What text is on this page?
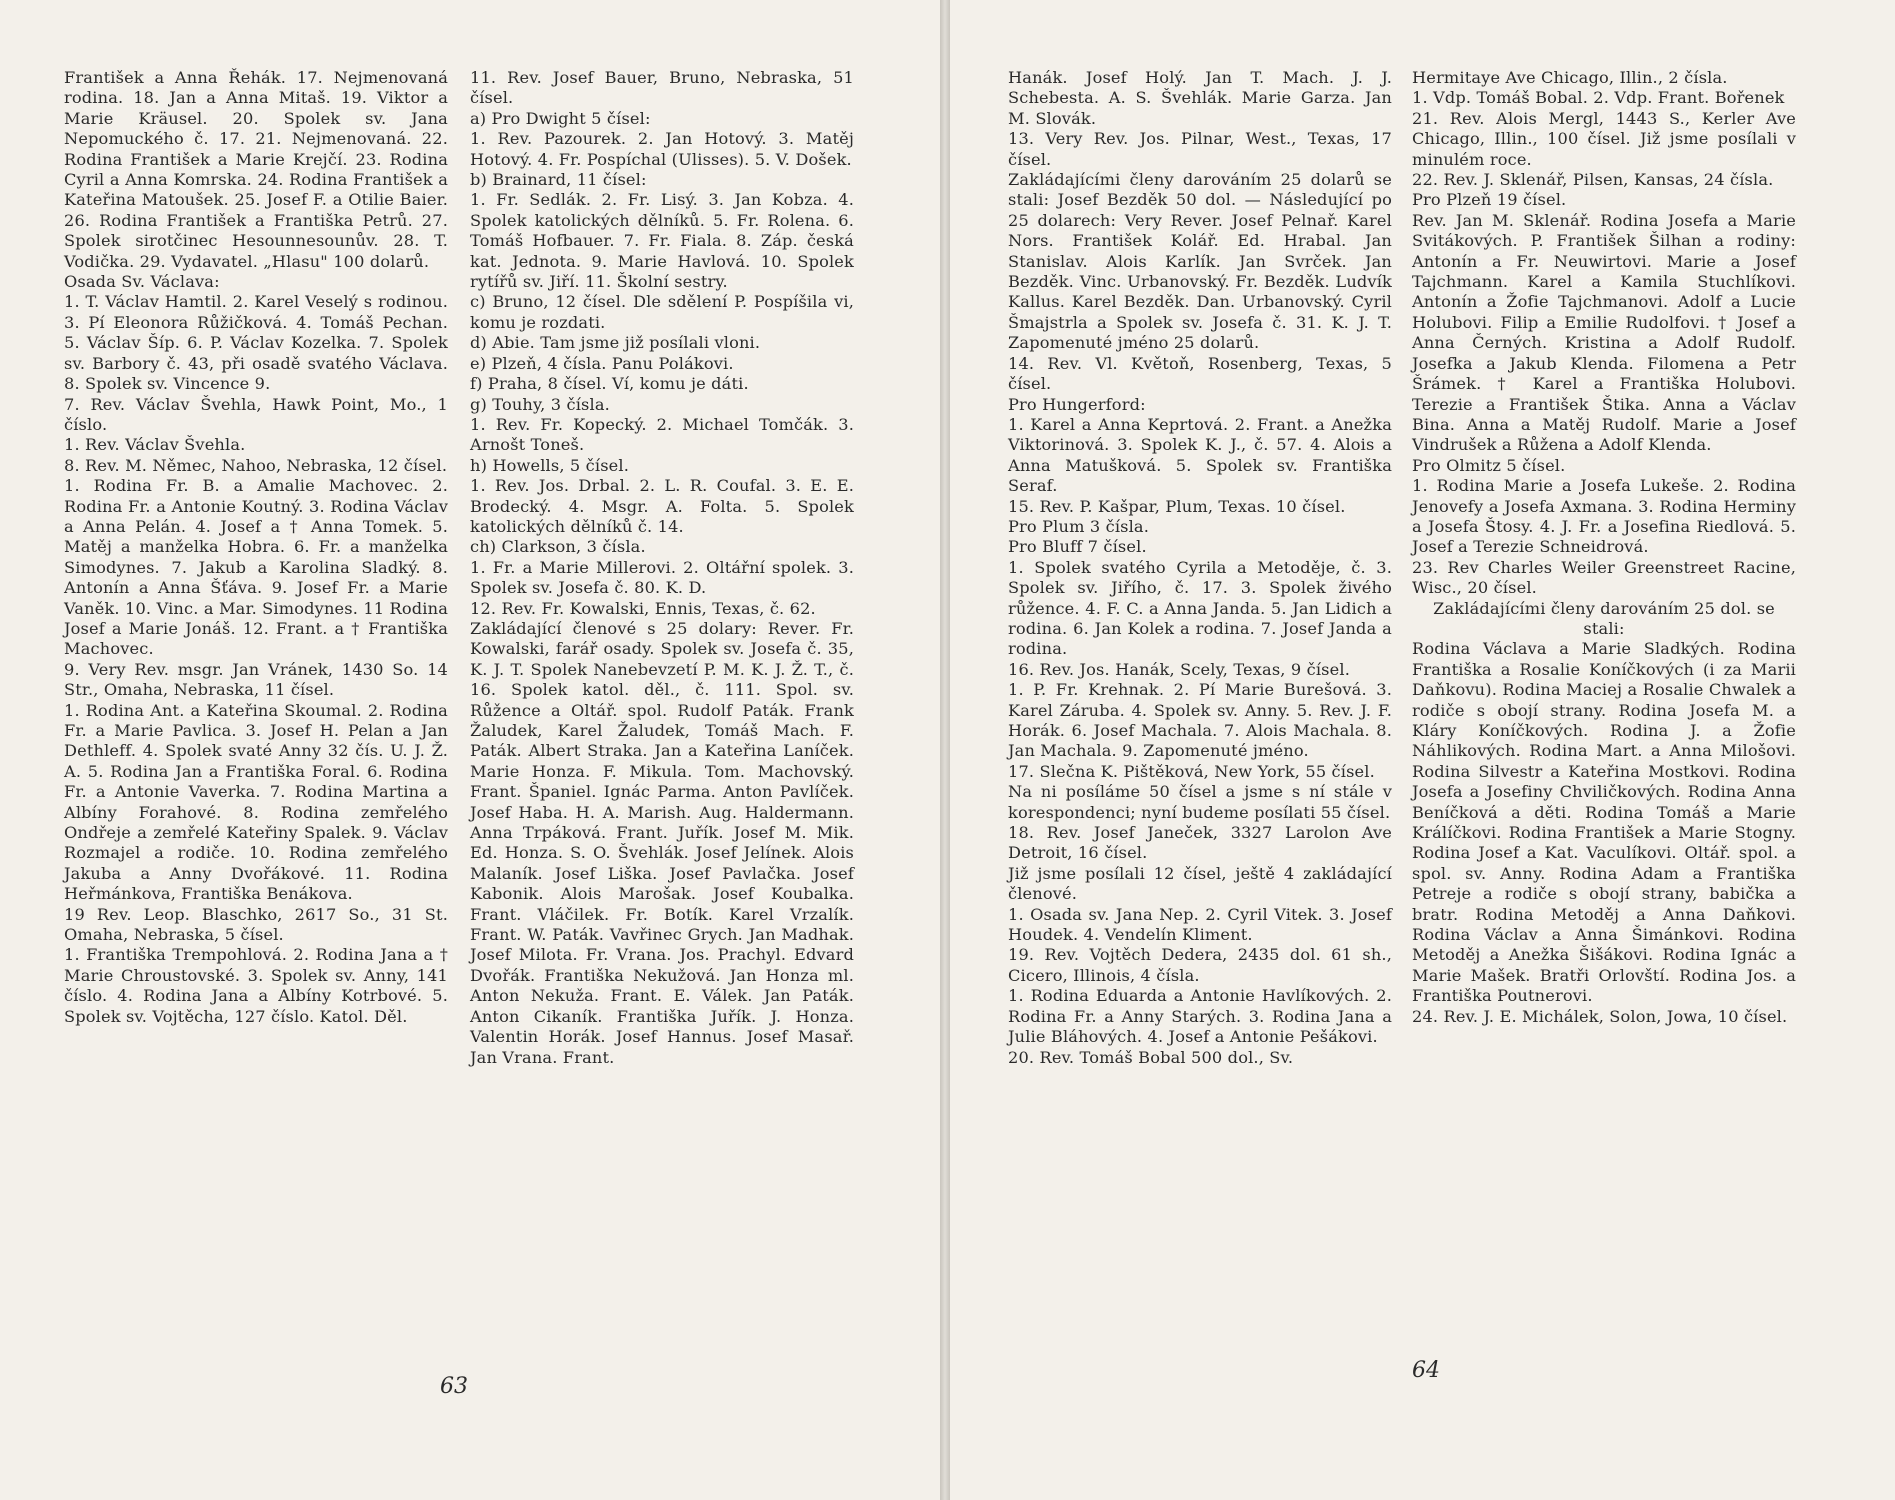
František a Anna Řehák. 17. Nejmenovaná rodina. 18. Jan a Anna Mitaš. 19. Viktor a Marie Kräusel. 20. Spolek sv. Jana Nepomuckého č. 17. 21. Nejmenovaná. 22. Rodina František a Marie Krejčí. 23. Rodina Cyril a Anna Komrska. 24. Rodina František a Kateřina Matoušek. 25. Josef F. a Otilie Baier. 26. Rodina František a Františka Petrů. 27. Spolek sirotčinec Hesounnesounův. 28. T. Vodička. 29. Vydavatel. „Hlasu" 100 dolarů.

Osada Sv. Václava:

1. T. Václav Hamtil. 2. Karel Veselý s rodinou. 3. Pí Eleonora Růžičková. 4. Tomáš Pechan. 5. Václav Šíp. 6. P. Václav Kozelka. 7. Spolek sv. Barbory č. 43, při osadě svatého Václava. 8. Spolek sv. Vincence 9.

7. Rev. Václav Švehla, Hawk Point, Mo., 1 číslo.

1. Rev. Václav Švehla.

8. Rev. M. Němec, Nahoo, Nebraska, 12 čísel.

1. Rodina Fr. B. a Amalie Machovec. 2. Rodina Fr. a Antonie Koutný. 3. Rodina Václav a Anna Pelán. 4. Josef a † Anna Tomek. 5. Matěj a manželka Hobra. 6. Fr. a manželka Simodynes. 7. Jakub a Karolina Sladký. 8. Antonín a Anna Šťáva. 9. Josef Fr. a Marie Vaněk. 10. Vinc. a Mar. Simodynes. 11 Rodina Josef a Marie Jonáš. 12. Frant. a † Františka Machovec.

9. Very Rev. msgr. Jan Vránek, 1430 So. 14 Str., Omaha, Nebraska, 11 čísel.

1. Rodina Ant. a Kateřina Skoumal. 2. Rodina Fr. a Marie Pavlica. 3. Josef H. Pelan a Jan Dethleff. 4. Spolek svaté Anny 32 čís. U. J. Ž. A. 5. Rodina Jan a Františka Foral. 6. Rodina Fr. a Antonie Vaverka. 7. Rodina Martina a Albíny Forahové. 8. Rodina zemřelého Ondřeje a zemřelé Kateřiny Spalek. 9. Václav Rozmajel a rodiče. 10. Rodina zemřelého Jakuba a Anny Dvořákové. 11. Rodina Heřmánkova, Františka Benákova.

19 Rev. Leop. Blaschko, 2617 So., 31 St. Omaha, Nebraska, 5 čísel.

1. Františka Trempohlová. 2. Rodina Jana a † Marie Chroustovské. 3. Spolek sv. Anny, 141 číslo. 4. Rodina Jana a Albíny Kotrbové. 5. Spolek sv. Vojtěcha, 127 číslo. Katol. Děl.

11. Rev. Josef Bauer, Bruno, Nebraska, 51 čísel.

a) Pro Dwight 5 čísel:

1. Rev. Pazourek. 2. Jan Hotový. 3. Matěj Hotový. 4. Fr. Pospíchal (Ulisses). 5. V. Došek.

b) Brainard, 11 čísel:

1. Fr. Sedlák. 2. Fr. Lisý. 3. Jan Kobza. 4. Spolek katolických dělníků. 5. Fr. Rolena. 6. Tomáš Hofbauer. 7. Fr. Fiala. 8. Záp. česká kat. Jednota. 9. Marie Havlová. 10. Spolek rytířů sv. Jiří. 11. Školní sestry.

c) Bruno, 12 čísel. Dle sdělení P. Pospíšila vi, komu je rozdati.

d) Abie. Tam jsme již posílali vloni.

e) Plzeň, 4 čísla. Panu Polákovi.

f) Praha, 8 čísel. Ví, komu je dáti.

g) Touhy, 3 čísla.

1. Rev. Fr. Kopecký. 2. Michael Tomčák. 3. Arnošt Toneš.

h) Howells, 5 čísel.

1. Rev. Jos. Drbal. 2. L. R. Coufal. 3. E. E. Brodecký. 4. Msgr. A. Folta. 5. Spolek katolických dělníků č. 14.

ch) Clarkson, 3 čísla.

1. Fr. a Marie Millerovi. 2. Oltářní spolek. 3. Spolek sv. Josefa č. 80. K. D.

12. Rev. Fr. Kowalski, Ennis, Texas, č. 62.

Zakládající členové s 25 dolary: Rever. Fr. Kowalski, farář osady. Spolek sv. Josefa č. 35, K. J. T. Spolek Nanebevzetí P. M. K. J. Ž. T., č. 16. Spolek katol. děl., č. 111. Spol. sv. Růžence a Oltář. spol. Rudolf Paták. Frank Žaludek, Karel Žaludek, Tomáš Mach. F. Paták. Albert Straka. Jan a Kateřina Laníček. Marie Honza. F. Mikula. Tom. Machovský. Frant. Španiel. Ignác Parma. Anton Pavlíček. Josef Haba. H. A. Marish. Aug. Haldermann. Anna Trpáková. Frant. Juřík. Josef M. Mik. Ed. Honza. S. O. Švehlák. Josef Jelínek. Alois Malaník. Josef Liška. Josef Pavlačka. Josef Kabonik. Alois Marošak. Josef Koubalka. Frant. Vláčilek. Fr. Botík. Karel Vrzalík. Frant. W. Paták. Vavřinec Grych. Jan Madhak. Josef Milota. Fr. Vrana. Jos. Prachyl. Edvard Dvořák. Františka Nekužová. Jan Honza ml. Anton Nekuža. Frant. E. Válek. Jan Paták. Anton Cikaník. Františka Juřík. J. Honza. Valentin Horák. Josef Hannus. Josef Masař. Jan Vrana. Frant.

63

Hanák. Josef Holý. Jan T. Mach. J. J. Schebesta. A. S. Švehlák. Marie Garza. Jan M. Slovák.

13. Very Rev. Jos. Pilnar, West., Texas, 17 čísel.

Zakládajícími členy darováním 25 dolarů se stali: Josef Bezděk 50 dol. — Následující po 25 dolarech: Very Rever. Josef Pelnař. Karel Nors. František Kolář. Ed. Hrabal. Jan Stanislav. Alois Karlík. Jan Svrček. Jan Bezděk. Vinc. Urbanovský. Fr. Bezděk. Ludvík Kallus. Karel Bezděk. Dan. Urbanovský. Cyril Šmajstrla a Spolek sv. Josefa č. 31. K. J. T. Zapomenuté jméno 25 dolarů.

14. Rev. Vl. Květoň, Rosenberg, Texas, 5 čísel.

Pro Hungerford:

1. Karel a Anna Keprtová. 2. Frant. a Anežka Viktorinová. 3. Spolek K. J., č. 57. 4. Alois a Anna Matušková. 5. Spolek sv. Františka Seraf.

15. Rev. P. Kašpar, Plum, Texas. 10 čísel.

Pro Plum 3 čísla.

Pro Bluff 7 čísel.

1. Spolek svatého Cyrila a Metoděje, č. 3. Spolek sv. Jiřího, č. 17. 3. Spolek živého růžence. 4. F. C. a Anna Janda. 5. Jan Lidich a rodina. 6. Jan Kolek a rodina. 7. Josef Janda a rodina.

16. Rev. Jos. Hanák, Scely, Texas, 9 čísel.

1. P. Fr. Krehnak. 2. Pí Marie Burešová. 3. Karel Záruba. 4. Spolek sv. Anny. 5. Rev. J. F. Horák. 6. Josef Machala. 7. Alois Machala. 8. Jan Machala. 9. Zapomenuté jméno.

17. Slečna K. Pištěková, New York, 55 čísel.

Na ni posíláme 50 čísel a jsme s ní stále v korespondenci; nyní budeme posílati 55 čísel.

18. Rev. Josef Janeček, 3327 Larolon Ave Detroit, 16 čísel.

Již jsme posílali 12 čísel, ještě 4 zakládající členové.

1. Osada sv. Jana Nep. 2. Cyril Vitek. 3. Josef Houdek. 4. Vendelín Kliment.

19. Rev. Vojtěch Dedera, 2435 dol. 61 sh., Cicero, Illinois, 4 čísla.

1. Rodina Eduarda a Antonie Havlíkových. 2. Rodina Fr. a Anny Starých. 3. Rodina Jana a Julie Bláhových. 4. Josef a Antonie Pešákovi.

20. Rev. Tomáš Bobal 500 dol., Sv.

Hermitaye Ave Chicago, Illin., 2 čísla.

1. Vdp. Tomáš Bobal. 2. Vdp. Frant. Bořenek

21. Rev. Alois Mergl, 1443 S., Kerler Ave Chicago, Illin., 100 čísel. Již jsme posílali v minulém roce.

22. Rev. J. Sklenář, Pilsen, Kansas, 24 čísla.

Pro Plzeň 19 čísel.

Rev. Jan M. Sklenář. Rodina Josefa a Marie Svitákových. P. František Šilhan a rodiny: Antonín a Fr. Neuwirtovi. Marie a Josef Tajchmann. Karel a Kamila Stuchlíkovi. Antonín a Žofie Tajchmanovi. Adolf a Lucie Holubovi. Filip a Emilie Rudolfovi. † Josef a Anna Černých. Kristina a Adolf Rudolf. Josefka a Jakub Klenda. Filomena a Petr Šrámek. † Karel a Františka Holubovi. Terezie a František Štika. Anna a Václav Bina. Anna a Matěj Rudolf. Marie a Josef Vindrušek a Růžena a Adolf Klenda.

Pro Olmitz 5 čísel.

1. Rodina Marie a Josefa Lukeše. 2. Rodina Jenovefy a Josefa Axmana. 3. Rodina Herminy a Josefa Štosy. 4. J. Fr. a Josefina Riedlová. 5. Josef a Terezie Schneidrová.

23. Rev Charles Weiler Greenstreet Racine, Wisc., 20 čísel.

Zakládajícími členy darováním 25 dol. se stali:

Rodina Václava a Marie Sladkých. Rodina Františka a Rosalie Koníčkových (i za Marii Daňkovu). Rodina Maciej a Rosalie Chwalek a rodiče s obojí strany. Rodina Josefa M. a Kláry Koníčkových. Rodina J. a Žofie Náhlikových. Rodina Mart. a Anna Milošovi. Rodina Silvestr a Kateřina Mostkovi. Rodina Josefa a Josefiny Chviličkových. Rodina Anna Beníčková a děti. Rodina Tomáš a Marie Králíčkovi. Rodina František a Marie Stogny. Rodina Josef a Kat. Vaculíkovi. Oltář. spol. a spol. sv. Anny. Rodina Adam a Františka Petreje a rodiče s obojí strany, babička a bratr. Rodina Metoděj a Anna Daňkovi. Rodina Václav a Anna Šimánkovi. Rodina Metoděj a Anežka Šišákovi. Rodina Ignác a Marie Mašek. Bratři Orlovští. Rodina Jos. a Františka Poutnerovi.

24. Rev. J. E. Michálek, Solon, Jowa, 10 čísel.

64
